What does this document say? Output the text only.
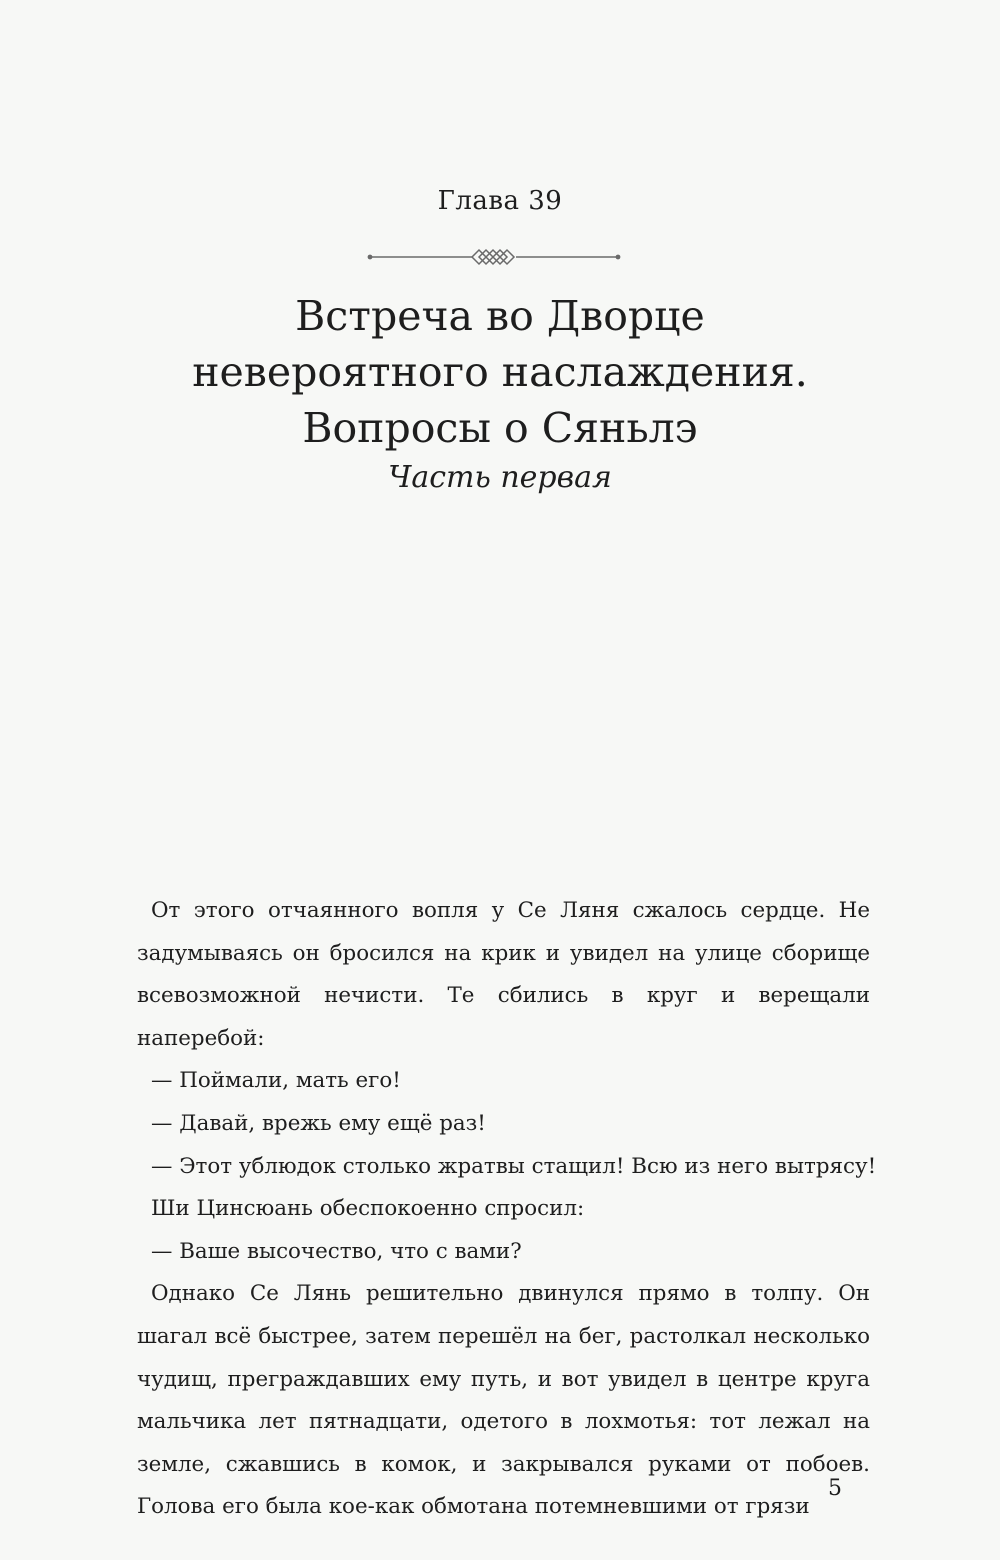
Глава 39
Встреча во Дворце
невероятного наслаждения.
Вопросы о Сяньлэ
Часть первая

От этого отчаянного вопля у Се Ляня сжалось сердце. Не задумываясь он бросился на крик и увидел на улице сборище всевозможной нечисти. Те сбились в круг и верещали наперебой:

— Поймали, мать его!

— Давай, врежь ему ещё раз!

— Этот ублюдок столько жратвы стащил! Всю из него вытрясу!

Ши Цинсюань обеспокоенно спросил:

— Ваше высочество, что с вами?

Однако Се Лянь решительно двинулся прямо в толпу. Он шагал всё быстрее, затем перешёл на бег, растолкал несколько чудищ, преграждавших ему путь, и вот увидел в центре круга мальчика лет пятнадцати, одетого в лохмотья: тот лежал на земле, сжавшись в комок, и закрывался руками от побоев. Голова его была кое-как обмотана потемневшими от грязи

5
